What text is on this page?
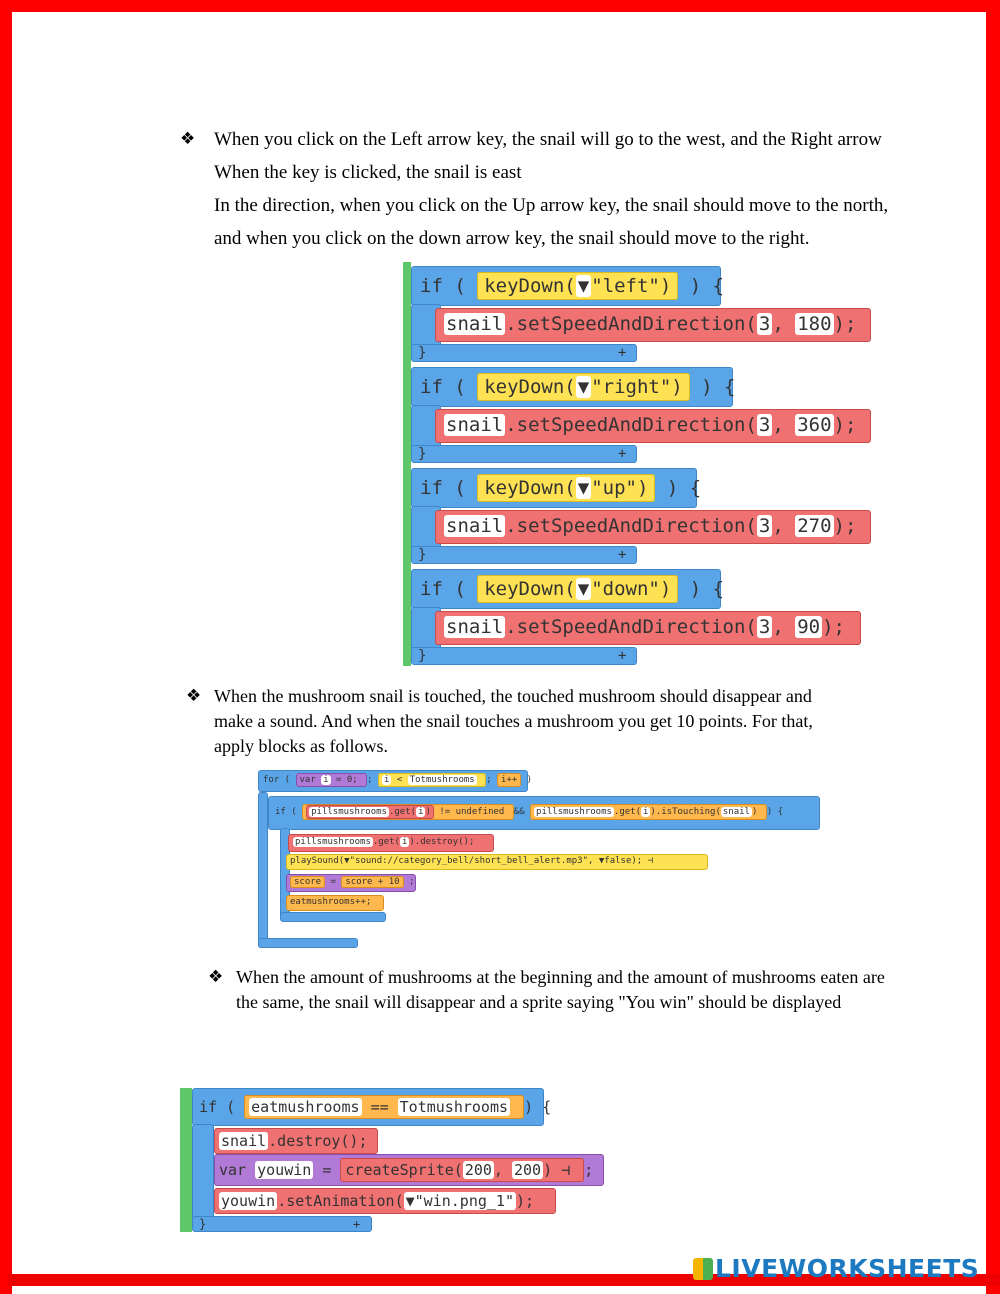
❖ When you click on the Left arrow key, the snail will go to the west, and the Right arrow

When the key is clicked, the snail is east

In the direction, when you click on the Up arrow key, the snail should move to the north,

and when you click on the down arrow key, the snail should move to the right.

if ( keyDown( ▼ "left") ) {
snail .setSpeedAndDirection( 3 , 180 );
}	+
if ( keyDown( ▼ "right") ) {
snail .setSpeedAndDirection( 3 , 360 );
}	+
if ( keyDown( ▼ "up") ) {
snail .setSpeedAndDirection( 3 , 270 );
}	+
if ( keyDown( ▼ "down") ) {
snail .setSpeedAndDirection( 3 , 90 );
}	+
❖ When the mushroom snail is touched, the touched mushroom should disappear and

make a sound. And when the snail touches a mushroom you get 10 points. For that,

apply blocks as follows.

for ( var i = 0; ; i < Totmushrooms ; i++ )
if ( pillsmushrooms .get( i ) != undefined && pillsmushrooms .get( i ).isTouching( snail ) ) {
pillsmushrooms .get( i ).destroy();
playSound(▼"sound://category_bell/short_bell_alert.mp3", ▼false); ⊣
score = score + 10 ;
eatmushrooms++;
❖ When the amount of mushrooms at the beginning and the amount of mushrooms eaten are

the same, the snail will disappear and a sprite saying "You win" should be displayed

if ( eatmushrooms == Totmushrooms ) {
snail .destroy();
var youwin = createSprite( 200 , 200 ) ⊣ ;
youwin .setAnimation( ▼"win.png_1" );
}	+
LIVEWORKSHEETS
